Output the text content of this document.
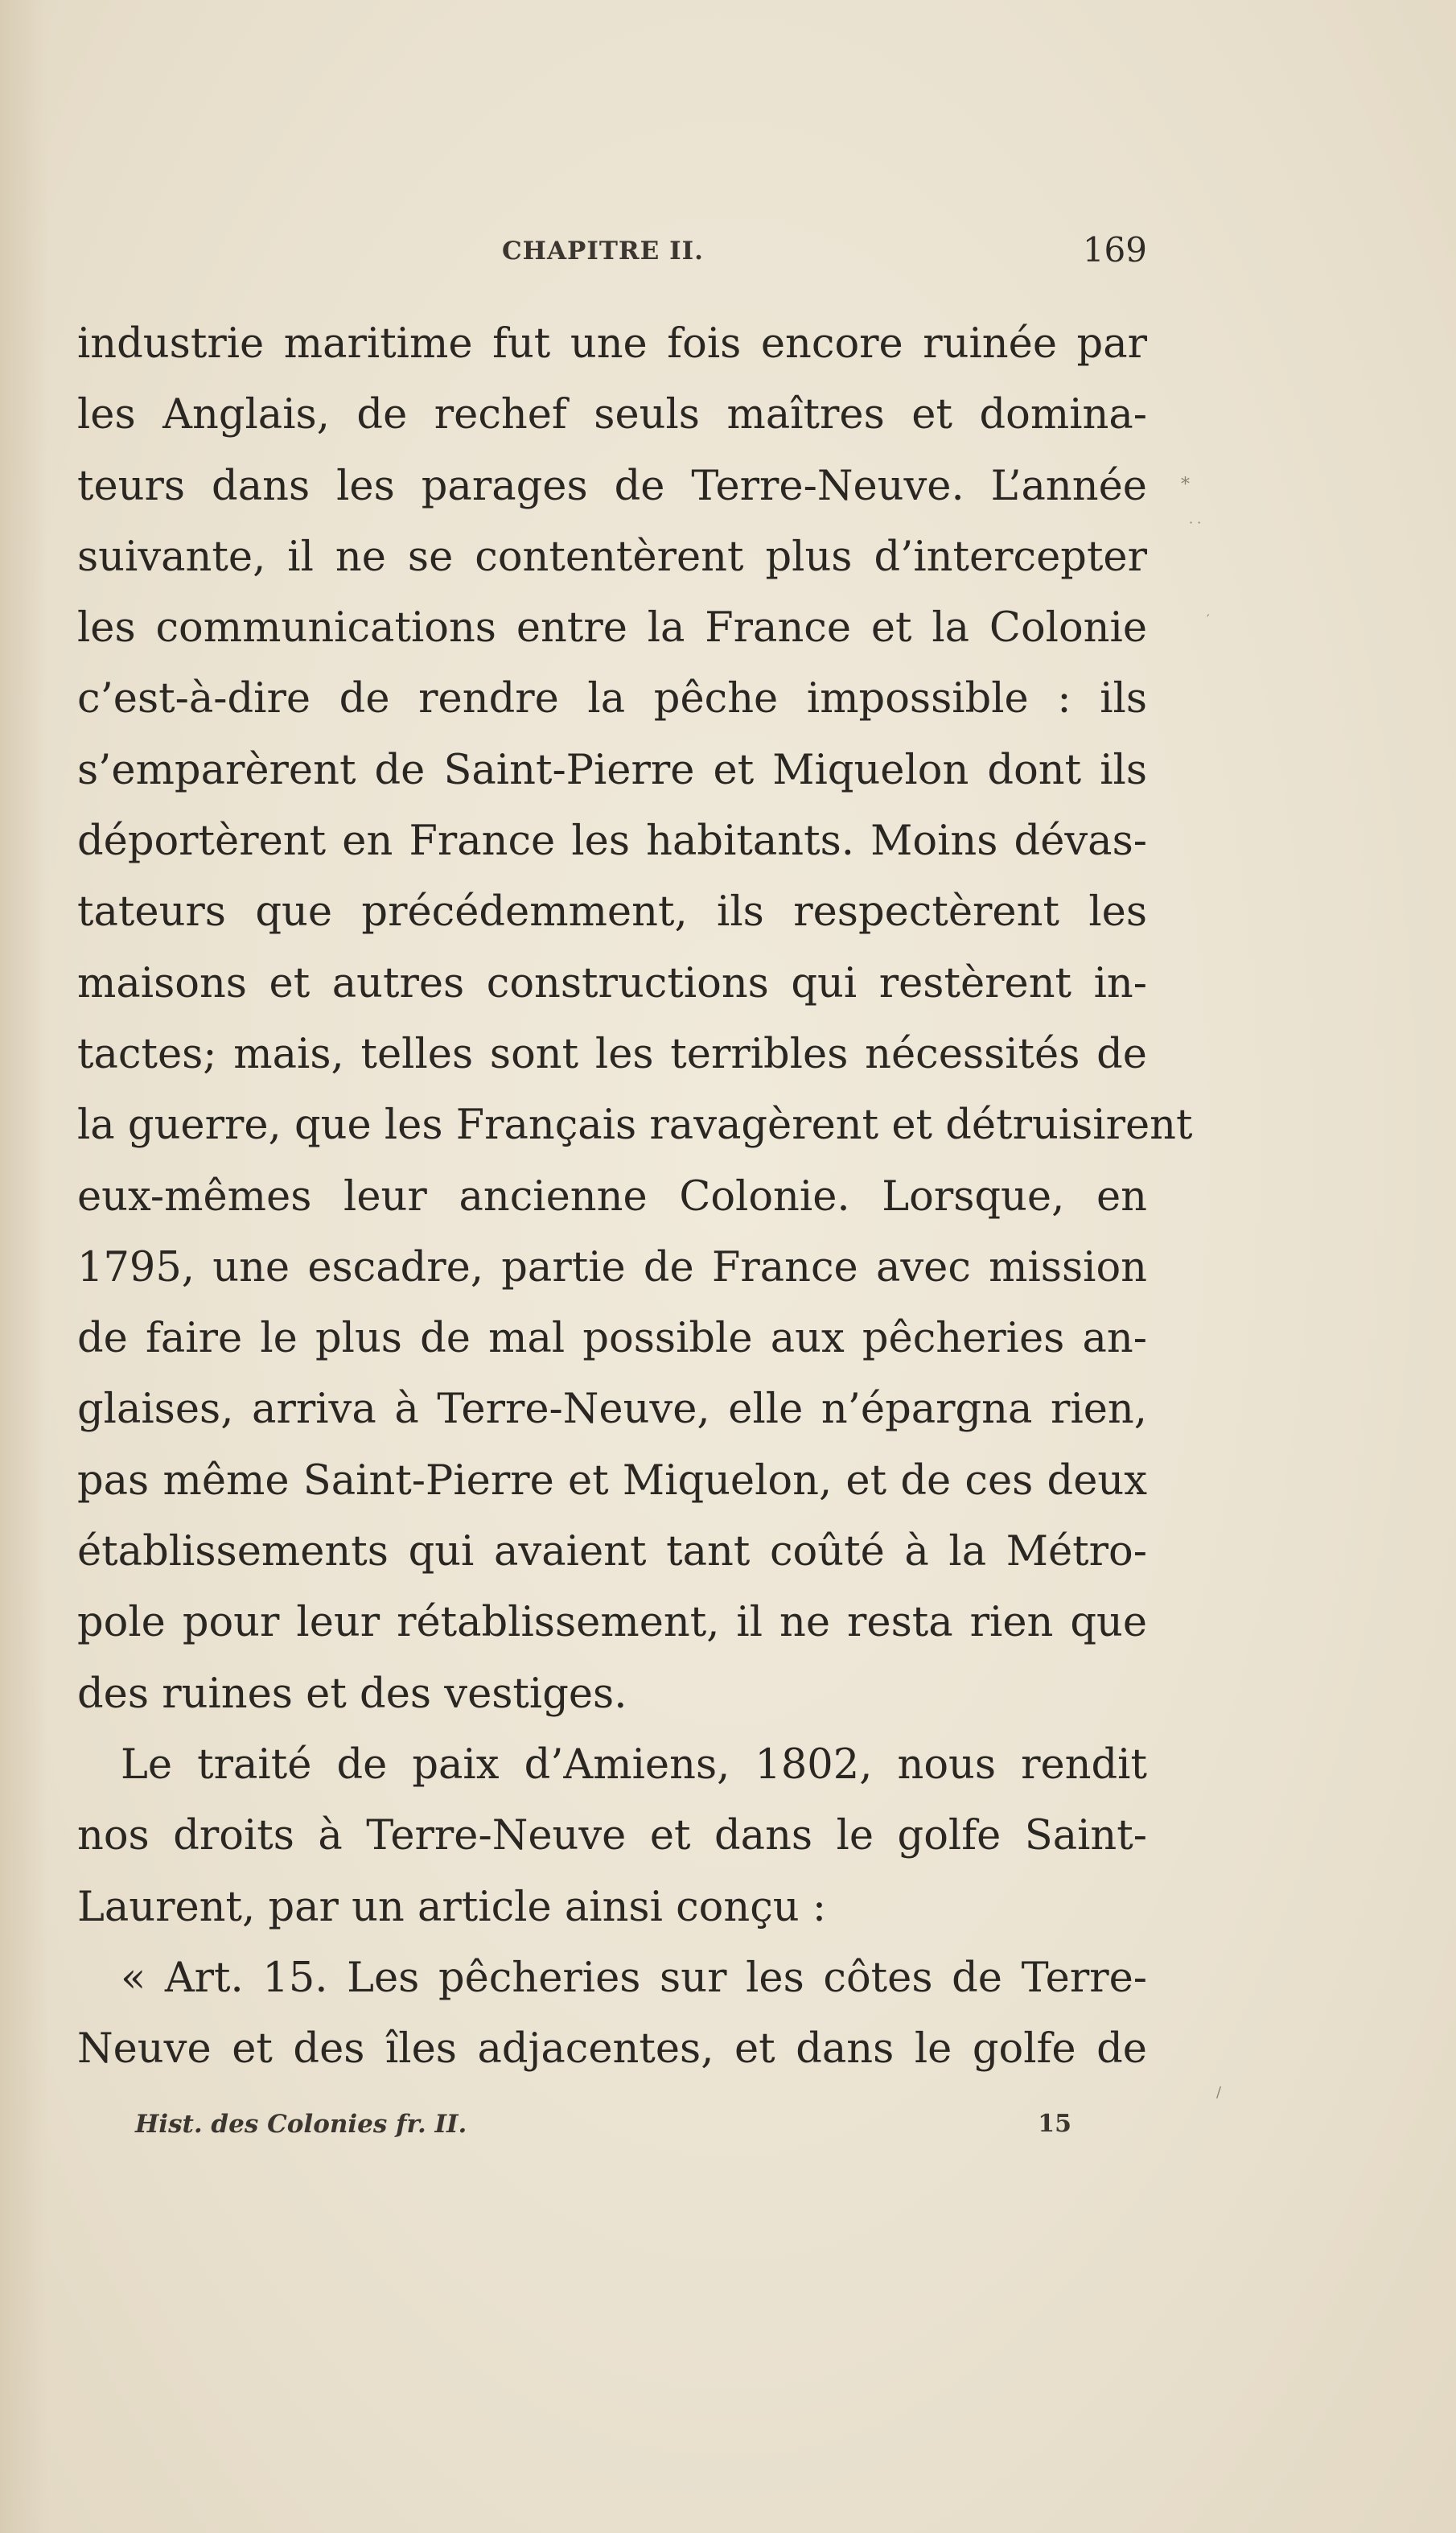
CHAPITRE II.	169
industrie maritime fut une fois encore ruinée par
les Anglais, de rechef seuls maîtres et domina-
teurs dans les parages de Terre-Neuve. L’année
suivante, il ne se contentèrent plus d’intercepter
les communications entre la France et la Colonie
c’est-à-dire de rendre la pêche impossible : ils
s’emparèrent de Saint-Pierre et Miquelon dont ils
déportèrent en France les habitants. Moins dévas-
tateurs que précédemment, ils respectèrent les
maisons et autres constructions qui restèrent in-
tactes; mais, telles sont les terribles nécessités de
la guerre, que les Français ravagèrent et détruisirent
eux-mêmes leur ancienne Colonie. Lorsque, en
1795, une escadre, partie de France avec mission
de faire le plus de mal possible aux pêcheries an-
glaises, arriva à Terre-Neuve, elle n’épargna rien,
pas même Saint-Pierre et Miquelon, et de ces deux
établissements qui avaient tant coûté à la Métro-
pole pour leur rétablissement, il ne resta rien que
des ruines et des vestiges.
Le traité de paix d’Amiens, 1802, nous rendit
nos droits à Terre-Neuve et dans le golfe Saint-
Laurent, par un article ainsi conçu :
« Art. 15. Les pêcheries sur les côtes de Terre-
Neuve et des îles adjacentes, et dans le golfe de
Hist. des Colonies fr. II.	15
*
· ·
′
/
